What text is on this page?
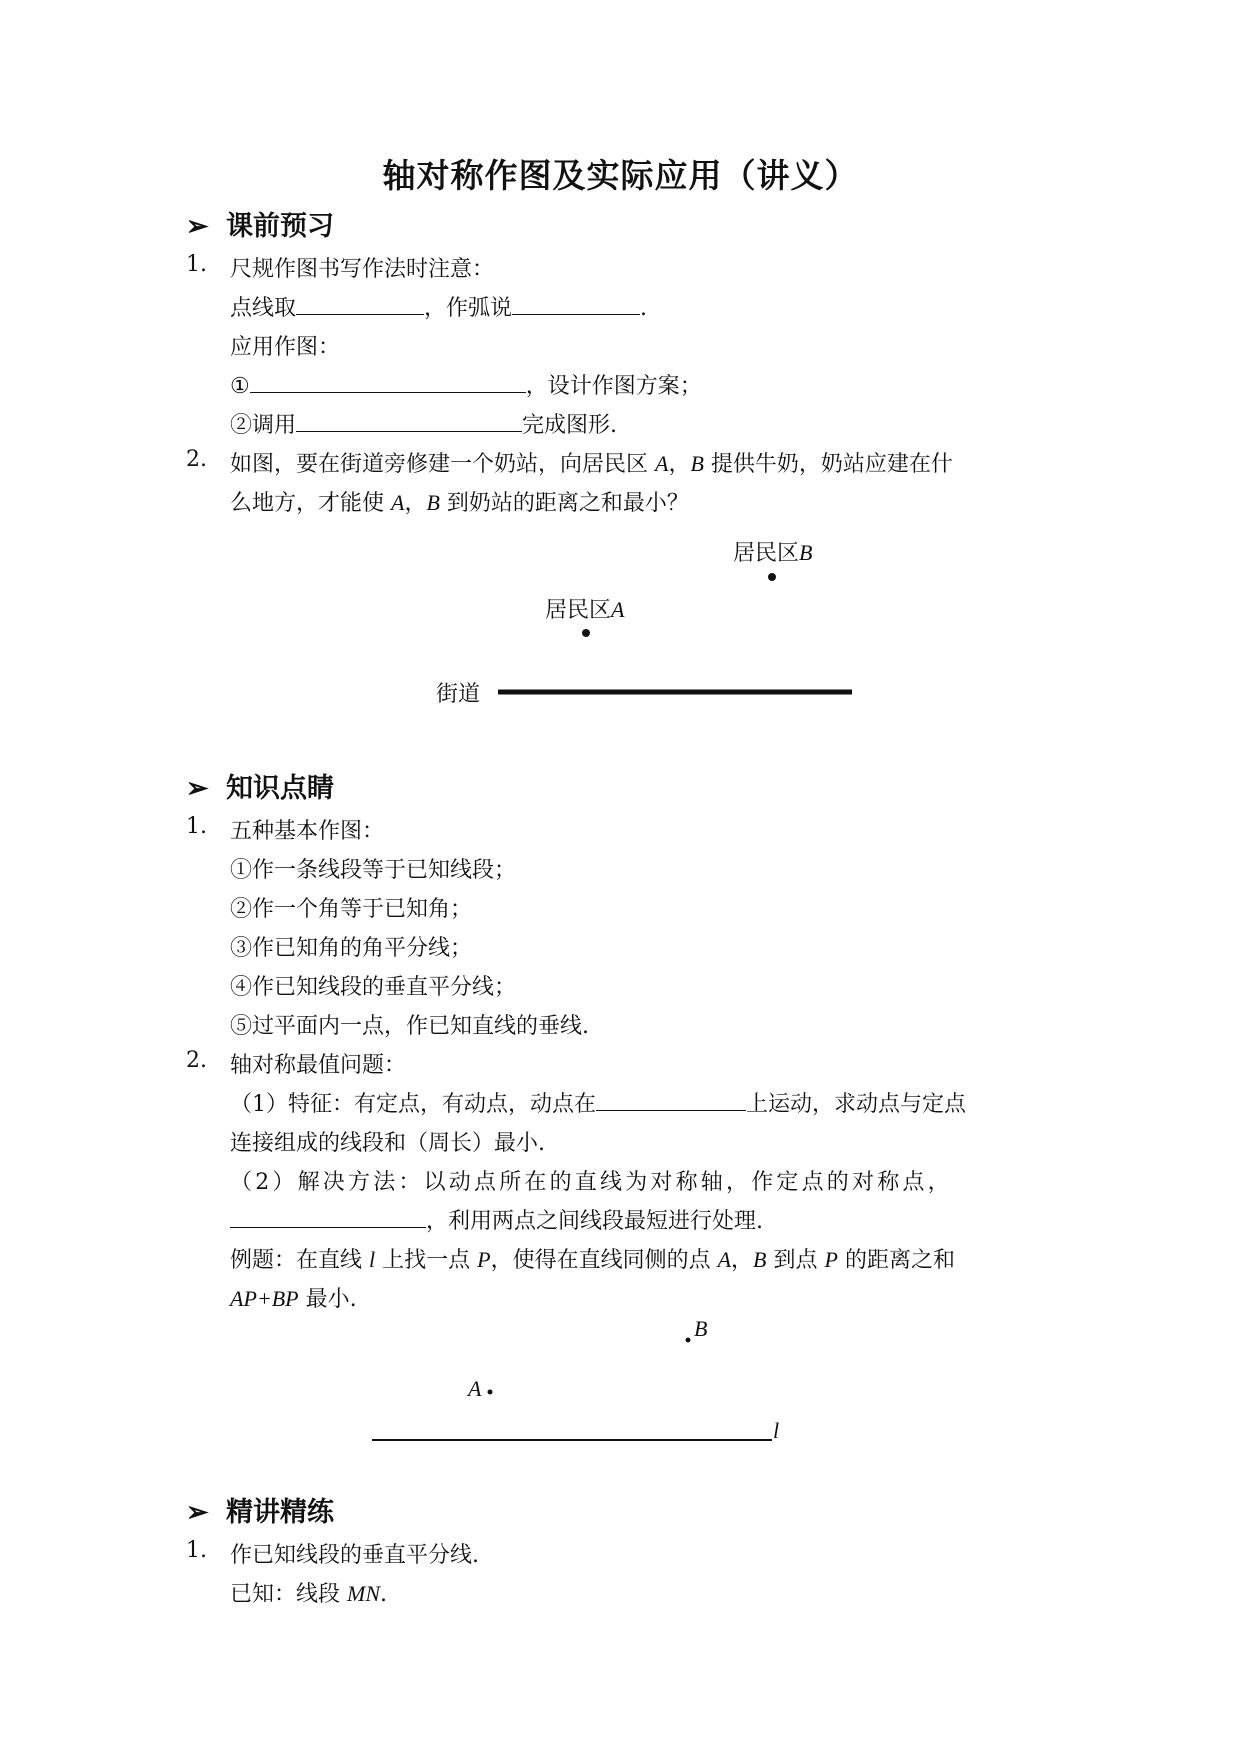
轴对称作图及实际应用（讲义）
➢ 课前预习
1. 尺规作图书写作法时注意：
点线取	，作弧说	.
应用作图：
①	，设计作图方案；
②调用	完成图形.
2. 如图，要在街道旁修建一个奶站，向居民区 A，B 提供牛奶，奶站应建在什
么地方，才能使 A，B 到奶站的距离之和最小？
居民区B
居民区A
街道
➢ 知识点睛
1. 五种基本作图：
①作一条线段等于已知线段；
②作一个角等于已知角；
③作已知角的角平分线；
④作已知线段的垂直平分线；
⑤过平面内一点，作已知直线的垂线.
2. 轴对称最值问题：
（1）特征：有定点，有动点，动点在	上运动，求动点与定点
连接组成的线段和（周长）最小.
（2）解决方法：以动点所在的直线为对称轴，作定点的对称点，
，利用两点之间线段最短进行处理.
例题：在直线 l 上找一点 P，使得在直线同侧的点 A，B 到点 P 的距离之和
AP+BP 最小.
B
A
l
➢ 精讲精练
1. 作已知线段的垂直平分线.
已知：线段 MN.
